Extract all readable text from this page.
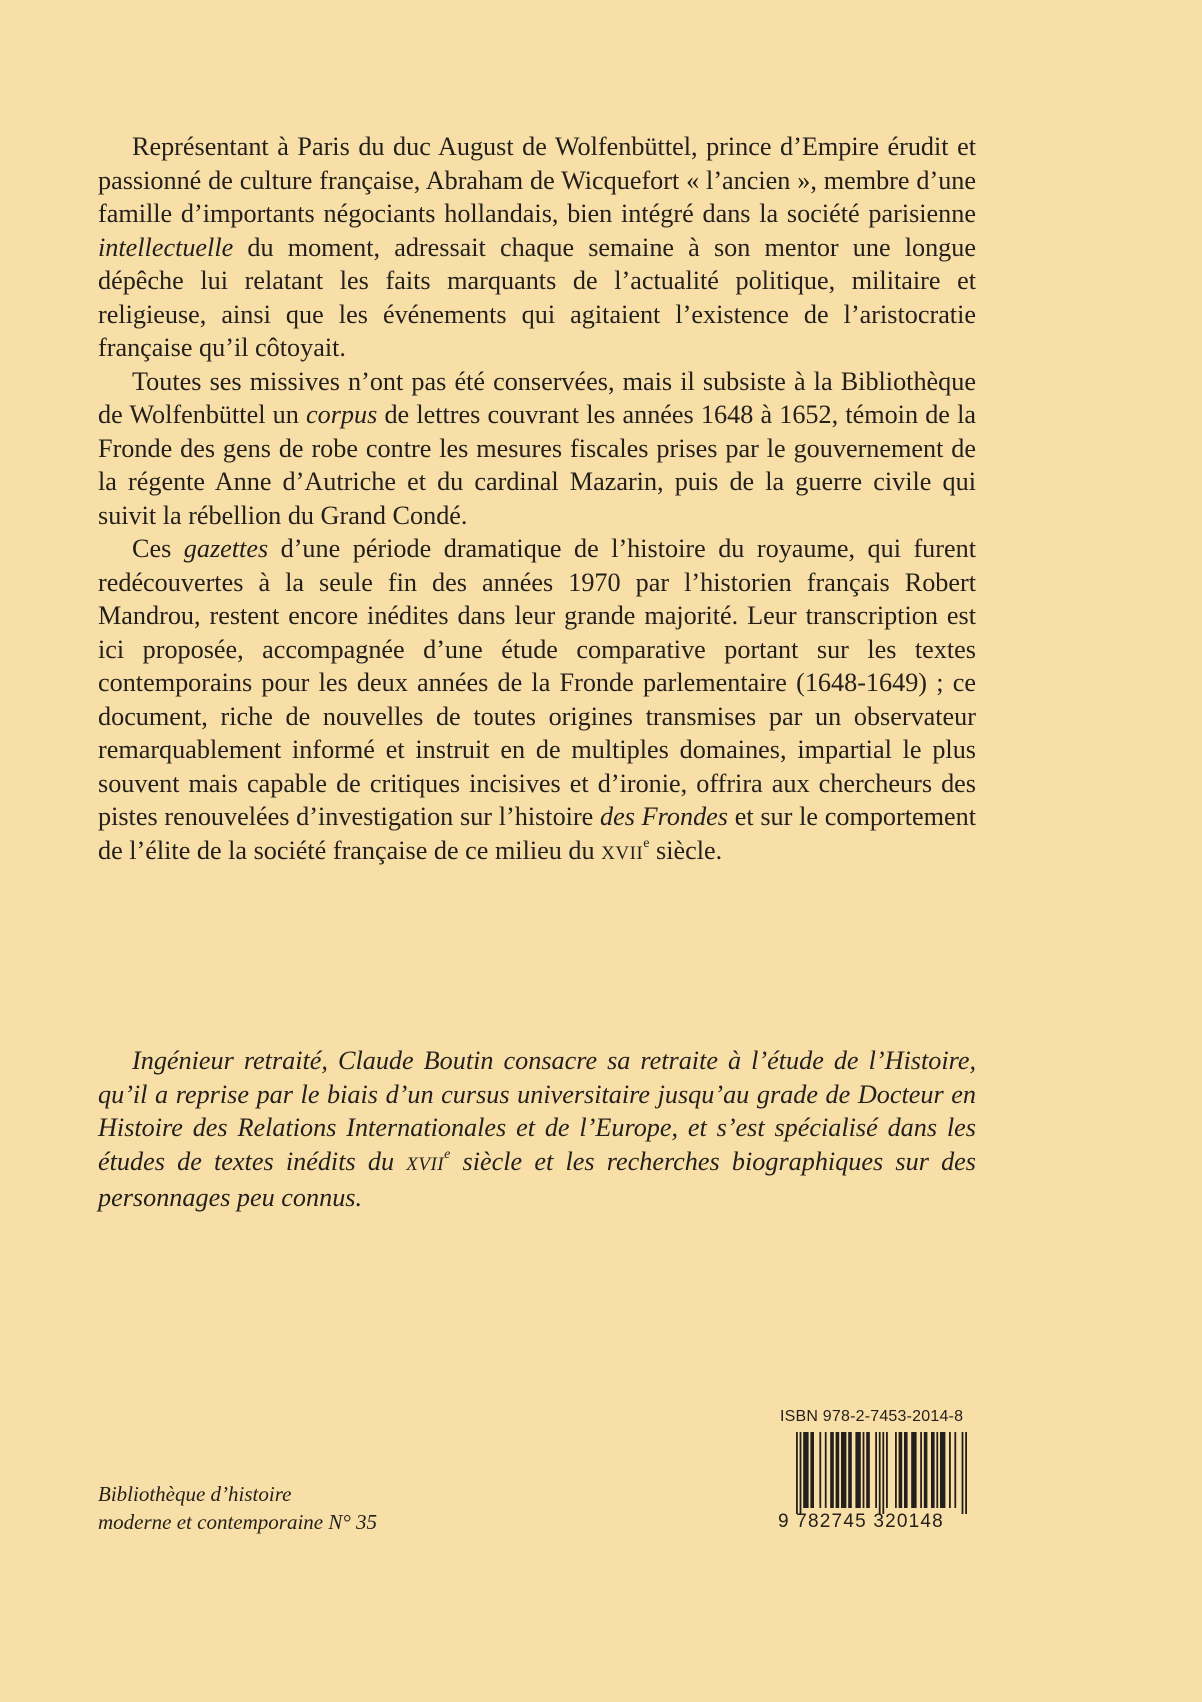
Représentant à Paris du duc August de Wolfenbüttel, prince d’Empire érudit et passionné de culture française, Abraham de Wicquefort « l’ancien », membre d’une famille d’importants négociants hollandais, bien intégré dans la société parisienne intellectuelle du moment, adressait chaque semaine à son mentor une longue dépêche lui relatant les faits marquants de l’actualité politique, militaire et religieuse, ainsi que les événements qui agitaient l’existence de l’aristocratie française qu’il côtoyait.

Toutes ses missives n’ont pas été conservées, mais il subsiste à la Bibliothèque de Wolfenbüttel un corpus de lettres couvrant les années 1648 à 1652, témoin de la Fronde des gens de robe contre les mesures fiscales prises par le gouvernement de la régente Anne d’Autriche et du cardinal Mazarin, puis de la guerre civile qui suivit la rébellion du Grand Condé.

Ces gazettes d’une période dramatique de l’histoire du royaume, qui furent redécouvertes à la seule fin des années 1970 par l’historien français Robert Mandrou, restent encore inédites dans leur grande majorité. Leur transcription est ici proposée, accompagnée d’une étude comparative portant sur les textes contemporains pour les deux années de la Fronde parlementaire (1648-1649) ; ce document, riche de nouvelles de toutes origines transmises par un observateur remarquablement informé et instruit en de multiples domaines, impartial le plus souvent mais capable de critiques incisives et d’ironie, offrira aux chercheurs des pistes renouvelées d’investigation sur l’histoire des Frondes et sur le comportement de l’élite de la société française de ce milieu du XVIIe siècle.

Ingénieur retraité, Claude Boutin consacre sa retraite à l’étude de l’Histoire, qu’il a reprise par le biais d’un cursus universitaire jusqu’au grade de Docteur en Histoire des Relations Internationales et de l’Europe, et s’est spécialisé dans les études de textes inédits du XVIIe siècle et les recherches biographiques sur des personnages peu connus.

Bibliothèque d’histoire
moderne et contemporaine N° 35
ISBN 978-2-7453-2014-8
9 782745 320148
